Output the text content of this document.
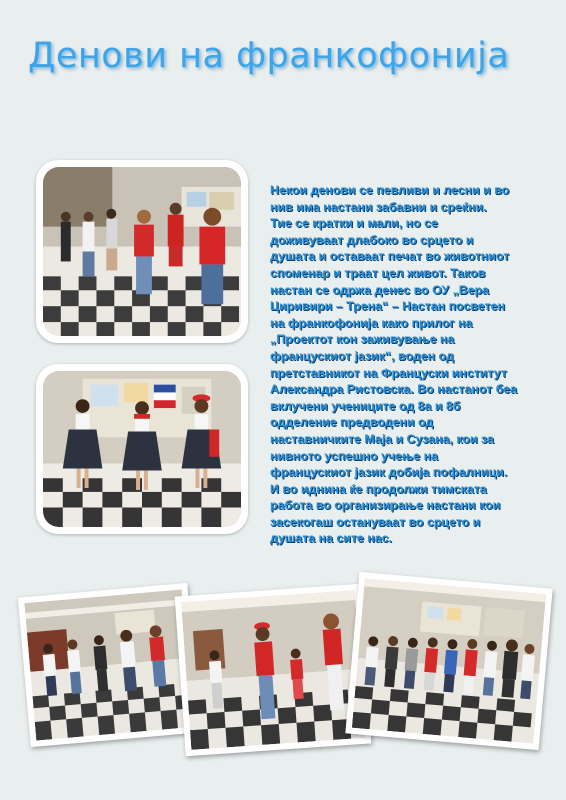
Денови на франкофонија
Некои денови се певливи и лесни и во
нив има настани забавни и среќни.
Тие се кратки и мали, но се
доживуваат длабоко во срцето и
душата и оставаат печат во животниот
споменар и траат цел живот. Таков
настан се одржа денес во ОУ „Вера
Циривири – Трена“ – Настан посветен
на франкофонија како прилог на
„Проектот кон заживување на
францускиот јазик“, воден од
претставникот на Француски институт
Александра Ристовска. Во настанот беа
вклучени учениците од 8а и 8б
одделение предводени од
наставничките Маја и Сузана, кои за
нивното успешно учење на
францускиот јазик добија пофалници.
И во иднина ќе продолжи тимската
работа во организирање настани кои
засекогаш остануваат во срцето и
душата на сите нас.
